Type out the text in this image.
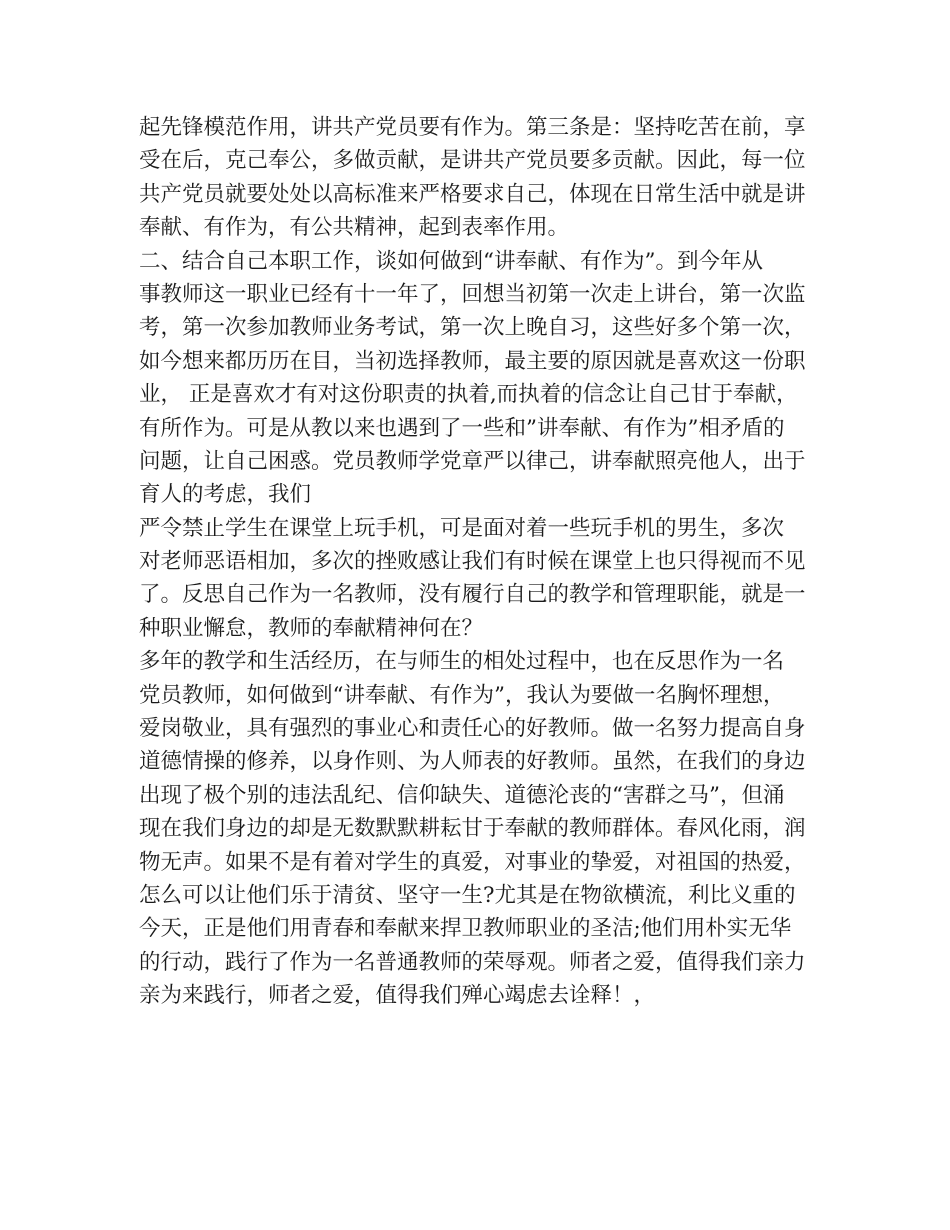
起先锋模范作用，讲共产党员要有作为。第三条是：坚持吃苦在前，享
受在后，克己奉公，多做贡献，是讲共产党员要多贡献。因此，每一位
共产党员就要处处以高标准来严格要求自己，体现在日常生活中就是讲
奉献、有作为，有公共精神，起到表率作用。
二、结合自己本职工作，谈如何做到“讲奉献、有作为”。到今年从
事教师这一职业已经有十一年了，回想当初第一次走上讲台，第一次监
考，第一次参加教师业务考试，第一次上晚自习，这些好多个第一次，
如今想来都历历在目，当初选择教师，最主要的原因就是喜欢这一份职
业， 正是喜欢才有对这份职责的执着,而执着的信念让自己甘于奉献，
有所作为。可是从教以来也遇到了一些和”讲奉献、有作为”相矛盾的
问题，让自己困惑。党员教师学党章严以律己，讲奉献照亮他人，出于
育人的考虑，我们
严令禁止学生在课堂上玩手机，可是面对着一些玩手机的男生，多次
对老师恶语相加，多次的挫败感让我们有时候在课堂上也只得视而不见
了。反思自己作为一名教师，没有履行自己的教学和管理职能，就是一
种职业懈怠，教师的奉献精神何在？
多年的教学和生活经历，在与师生的相处过程中，也在反思作为一名
党员教师，如何做到“讲奉献、有作为”，我认为要做一名胸怀理想，
爱岗敬业，具有强烈的事业心和责任心的好教师。做一名努力提高自身
道德情操的修养，以身作则、为人师表的好教师。虽然，在我们的身边
出现了极个别的违法乱纪、信仰缺失、道德沦丧的“害群之马”，但涌
现在我们身边的却是无数默默耕耘甘于奉献的教师群体。春风化雨，润
物无声。如果不是有着对学生的真爱，对事业的挚爱，对祖国的热爱，
怎么可以让他们乐于清贫、坚守一生?尤其是在物欲横流，利比义重的
今天，正是他们用青春和奉献来捍卫教师职业的圣洁;他们用朴实无华
的行动，践行了作为一名普通教师的荣辱观。师者之爱，值得我们亲力
亲为来践行，师者之爱，值得我们殚心竭虑去诠释！，
